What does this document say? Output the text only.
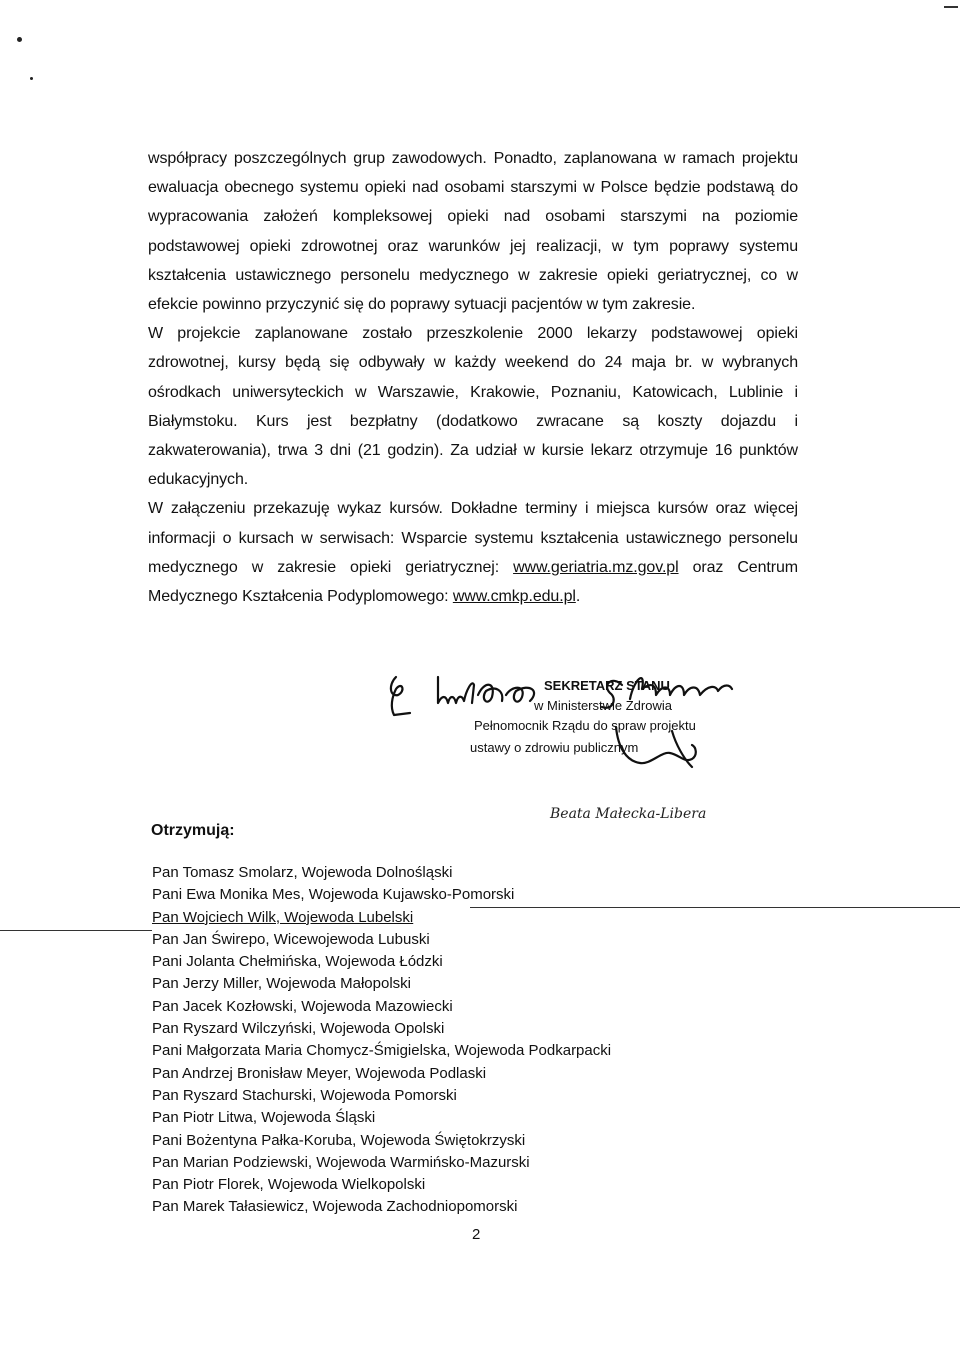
współpracy poszczególnych grup zawodowych. Ponadto, zaplanowana w ramach projektu ewaluacja obecnego systemu opieki nad osobami starszymi w Polsce będzie podstawą do wypracowania założeń kompleksowej opieki nad osobami starszymi na poziomie podstawowej opieki zdrowotnej oraz warunków jej realizacji, w tym poprawy systemu kształcenia ustawicznego personelu medycznego w zakresie opieki geriatrycznej, co w efekcie powinno przyczynić się do poprawy sytuacji pacjentów w tym zakresie.

W projekcie zaplanowane zostało przeszkolenie 2000 lekarzy podstawowej opieki zdrowotnej, kursy będą się odbywały w każdy weekend do 24 maja br. w wybranych ośrodkach uniwersyteckich w Warszawie, Krakowie, Poznaniu, Katowicach, Lublinie i Białymstoku. Kurs jest bezpłatny (dodatkowo zwracane są koszty dojazdu i zakwaterowania), trwa 3 dni (21 godzin). Za udział w kursie lekarz otrzymuje 16 punktów edukacyjnych.

W załączeniu przekazuję wykaz kursów. Dokładne terminy i miejsca kursów oraz więcej informacji o kursach w serwisach: Wsparcie systemu kształcenia ustawicznego personelu medycznego w zakresie opieki geriatrycznej: www.geriatria.mz.gov.pl oraz Centrum Medycznego Kształcenia Podyplomowego: www.cmkp.edu.pl.

SEKRETARZ STANU
w Ministerstwie Zdrowia
Pełnomocnik Rządu do spraw projektu
ustawy o zdrowiu publicznym
Beata Małecka-Libera
Otrzymują:
Pan Tomasz Smolarz, Wojewoda Dolnośląski
Pani Ewa Monika Mes, Wojewoda Kujawsko-Pomorski
Pan Wojciech Wilk, Wojewoda Lubelski
Pan Jan Świrepo, Wicewojewoda Lubuski
Pani Jolanta Chełmińska, Wojewoda Łódzki
Pan Jerzy Miller, Wojewoda Małopolski
Pan Jacek Kozłowski, Wojewoda Mazowiecki
Pan Ryszard Wilczyński, Wojewoda Opolski
Pani Małgorzata Maria Chomycz-Śmigielska, Wojewoda Podkarpacki
Pan Andrzej Bronisław Meyer, Wojewoda Podlaski
Pan Ryszard Stachurski, Wojewoda Pomorski
Pan Piotr Litwa, Wojewoda Śląski
Pani Bożentyna Pałka-Koruba, Wojewoda Świętokrzyski
Pan Marian Podziewski, Wojewoda Warmińsko-Mazurski
Pan Piotr Florek, Wojewoda Wielkopolski
Pan Marek Tałasiewicz, Wojewoda Zachodniopomorski
2
